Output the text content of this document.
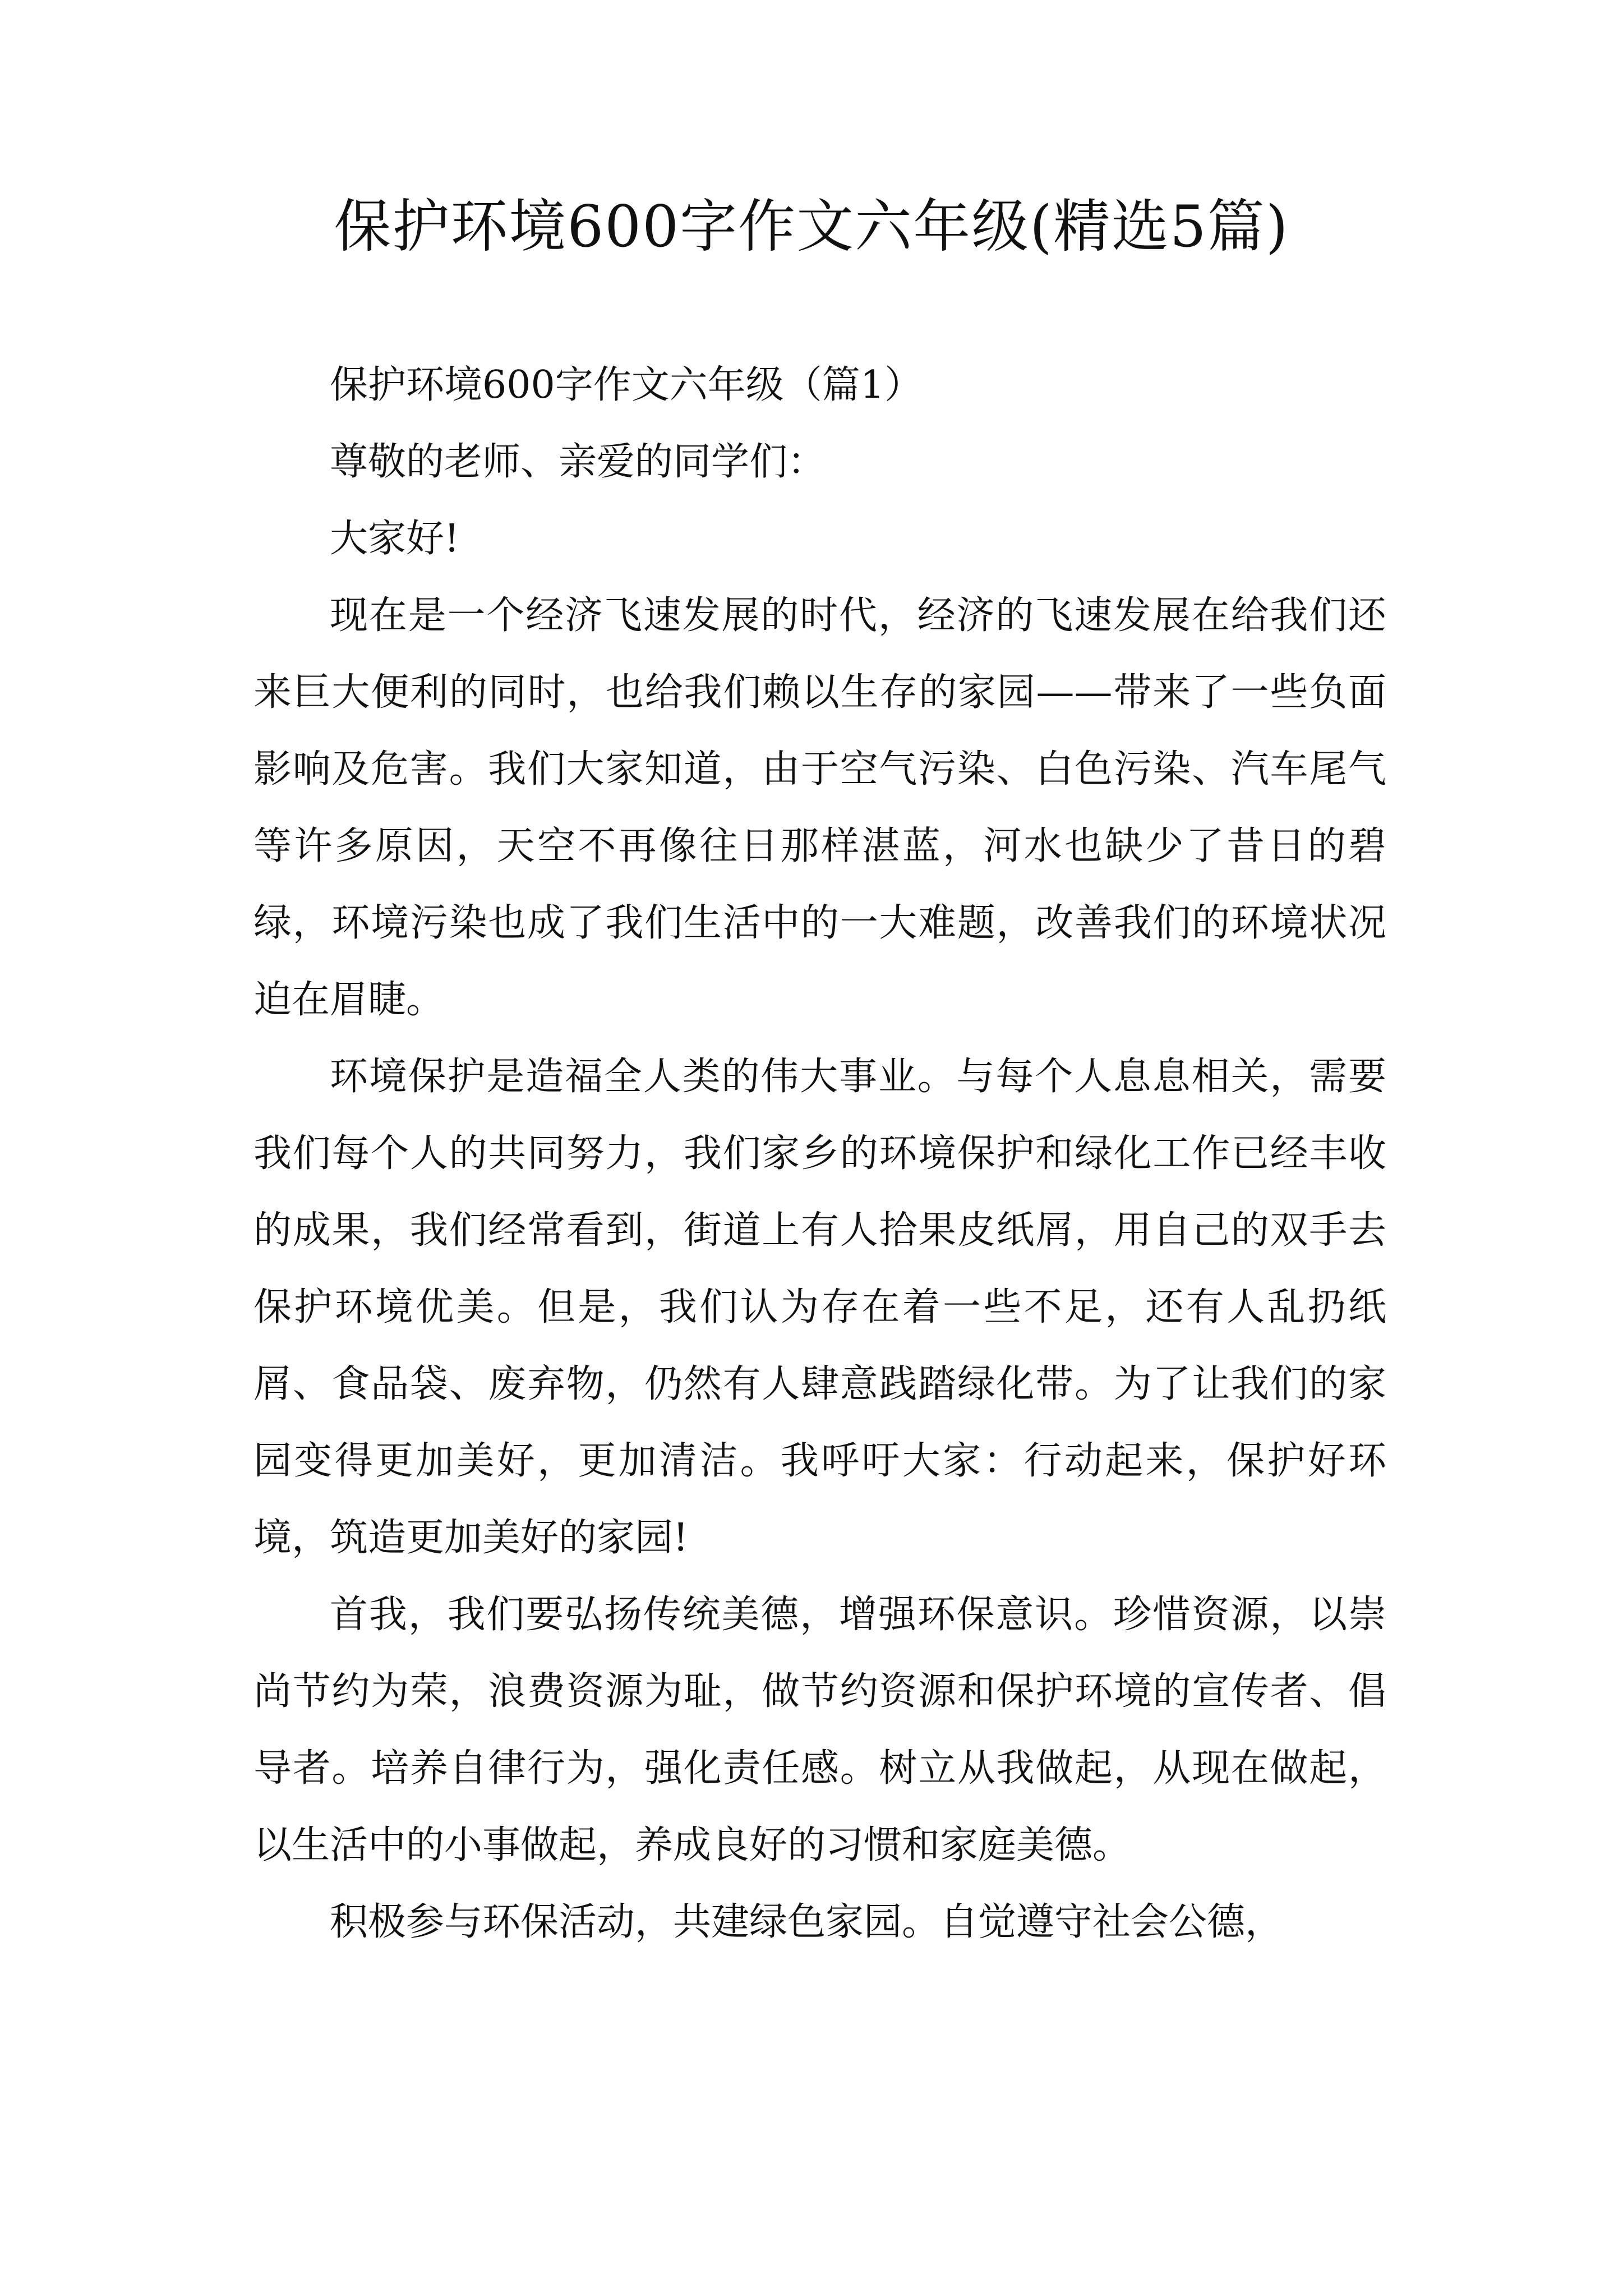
保护环境600字作文六年级(精选5篇)

保护环境600字作文六年级（篇1）

尊敬的老师、亲爱的同学们：

大家好!

现在是一个经济飞速发展的时代，经济的飞速发展在给我们还来巨大便利的同时，也给我们赖以生存的家园——带来了一些负面影响及危害。我们大家知道，由于空气污染、白色污染、汽车尾气等许多原因，天空不再像往日那样湛蓝，河水也缺少了昔日的碧绿，环境污染也成了我们生活中的一大难题，改善我们的环境状况迫在眉睫。

环境保护是造福全人类的伟大事业。与每个人息息相关，需要我们每个人的共同努力，我们家乡的环境保护和绿化工作已经丰收的成果，我们经常看到，街道上有人拾果皮纸屑，用自己的双手去保护环境优美。但是，我们认为存在着一些不足，还有人乱扔纸屑、食品袋、废弃物，仍然有人肆意践踏绿化带。为了让我们的家园变得更加美好，更加清洁。我呼吁大家：行动起来，保护好环境，筑造更加美好的家园!

首我，我们要弘扬传统美德，增强环保意识。珍惜资源，以崇尚节约为荣，浪费资源为耻，做节约资源和保护环境的宣传者、倡导者。培养自律行为，强化责任感。树立从我做起，从现在做起，以生活中的小事做起，养成良好的习惯和家庭美德。

积极参与环保活动，共建绿色家园。自觉遵守社会公德，
